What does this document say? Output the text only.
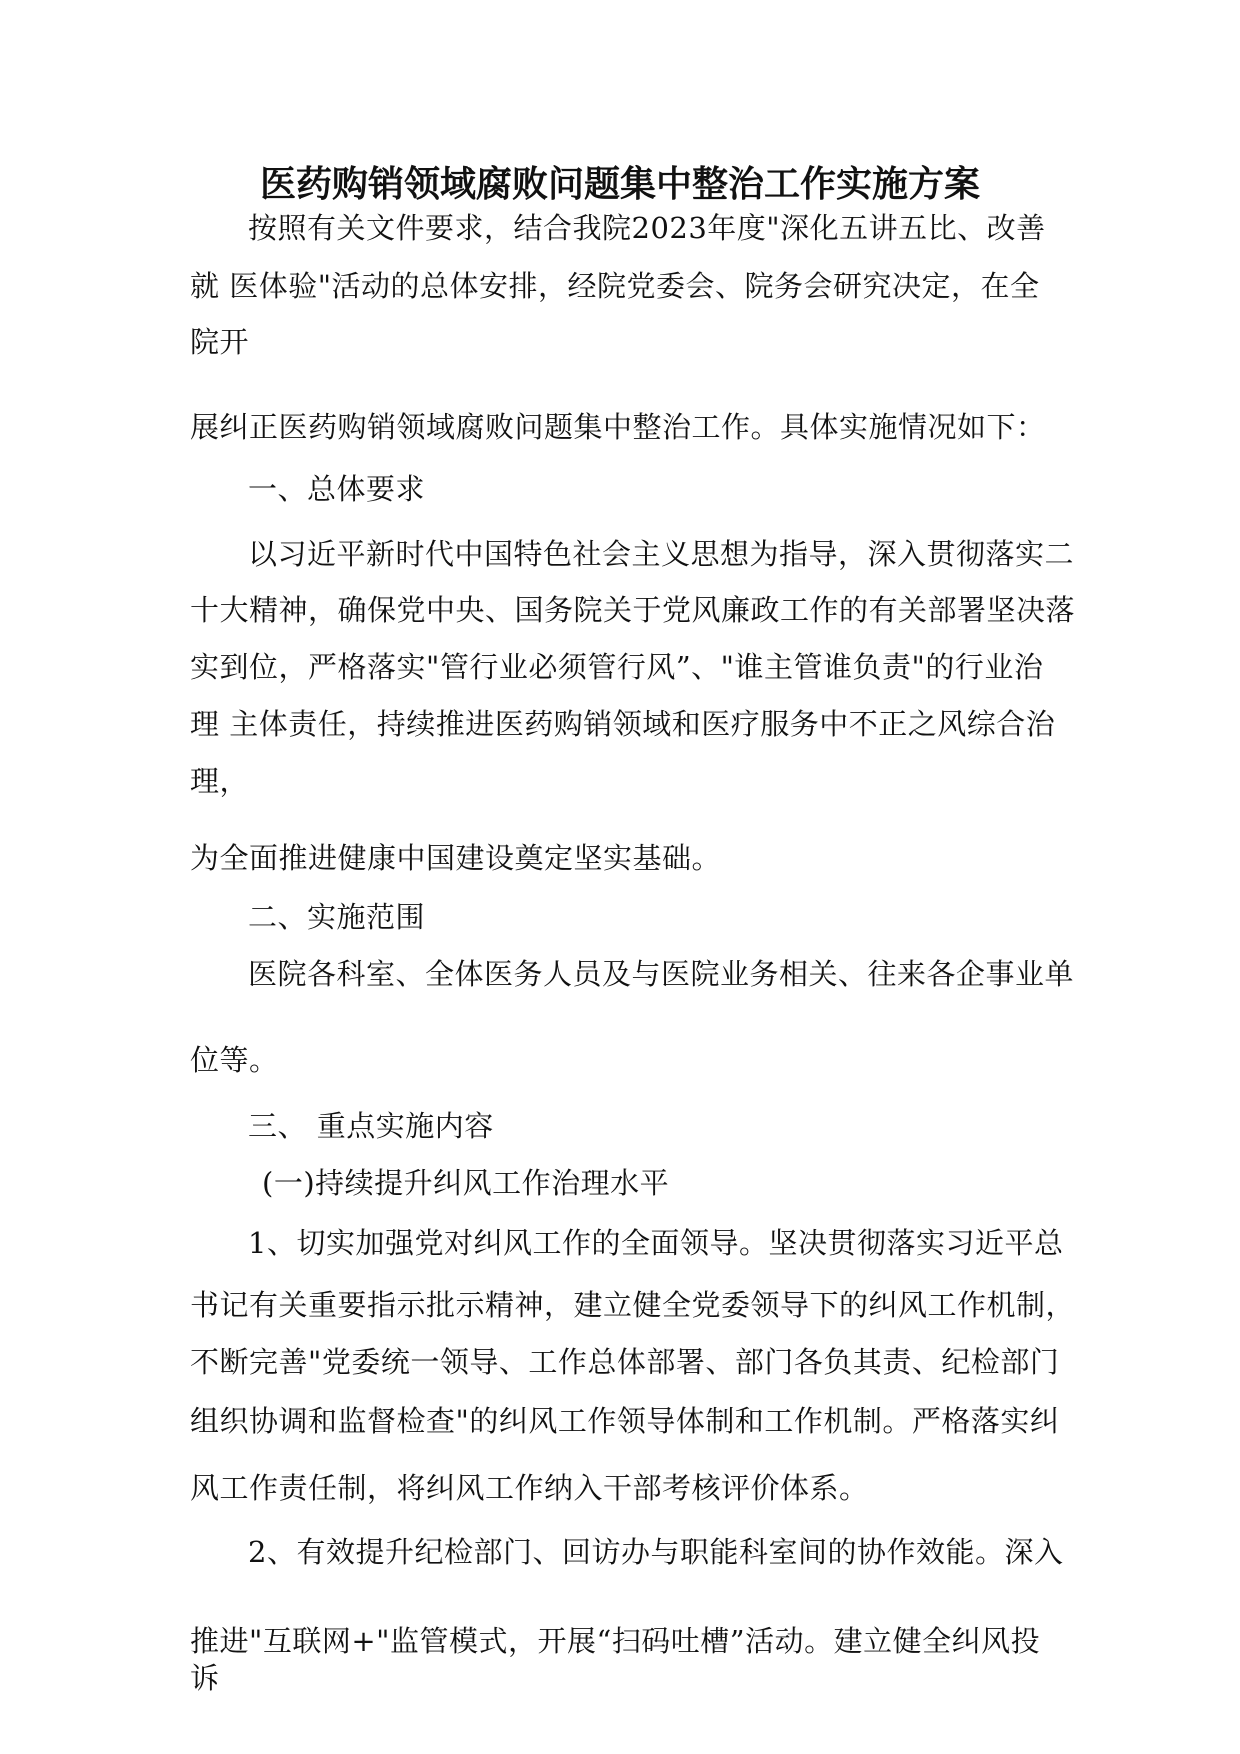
医药购销领域腐败问题集中整治工作实施方案
按照有关文件要求，结合我院2023年度"深化五讲五比、改善
就 医体验"活动的总体安排，经院党委会、院务会研究决定，在全
院开
展纠正医药购销领域腐败问题集中整治工作。具体实施情况如下：
一、总体要求
以习近平新时代中国特色社会主义思想为指导，深入贯彻落实二
十大精神，确保党中央、国务院关于党风廉政工作的有关部署坚决落
实到位，严格落实"管行业必须管行风”、"谁主管谁负责"的行业治
理 主体责任，持续推进医药购销领域和医疗服务中不正之风综合治
理，
为全面推进健康中国建设奠定坚实基础。
二、实施范围
医院各科室、全体医务人员及与医院业务相关、往来各企事业单
位等。
三、 重点实施内容
(一)持续提升纠风工作治理水平
1、切实加强党对纠风工作的全面领导。坚决贯彻落实习近平总
书记有关重要指示批示精神，建立健全党委领导下的纠风工作机制，
不断完善"党委统一领导、工作总体部署、部门各负其责、纪检部门
组织协调和监督检查"的纠风工作领导体制和工作机制。严格落实纠
风工作责任制，将纠风工作纳入干部考核评价体系。
2、有效提升纪检部门、回访办与职能科室间的协作效能。深入
推进"互联网+"监管模式，开展“扫码吐槽”活动。建立健全纠风投
诉
